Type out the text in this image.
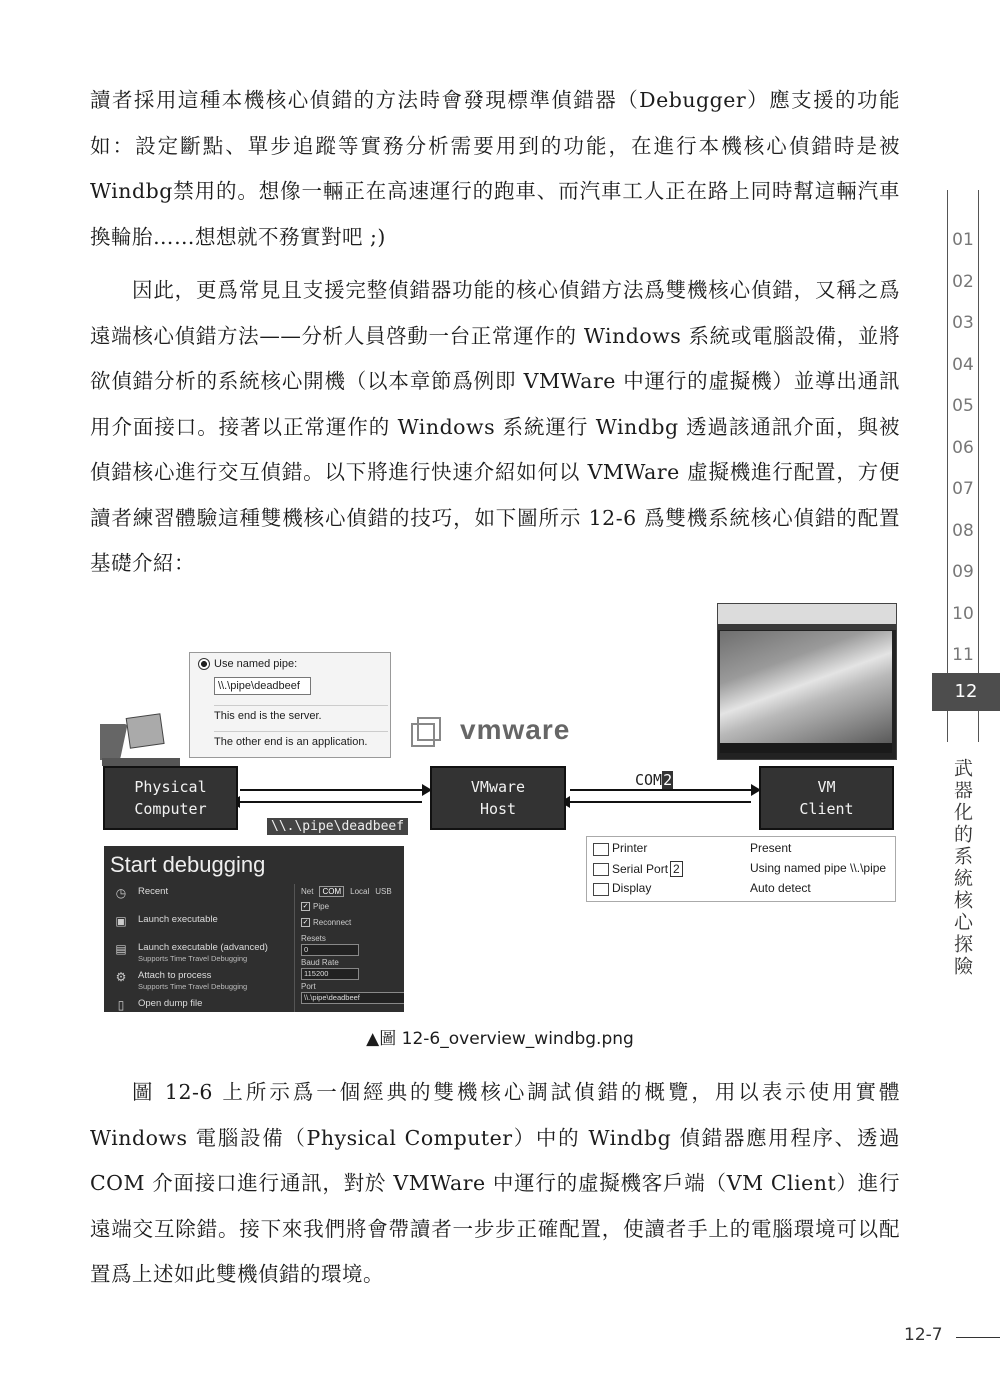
讀者採用這種本機核心偵錯的方法時會發現標準偵錯器（Debugger）應支援的功能如：設定斷點、單步追蹤等實務分析需要用到的功能，在進行本機核心偵錯時是被Windbg禁用的。想像一輛正在高速運行的跑車、而汽車工人正在路上同時幫這輛汽車換輪胎……想想就不務實對吧 ;)

因此，更爲常見且支援完整偵錯器功能的核心偵錯方法爲雙機核心偵錯，又稱之爲遠端核心偵錯方法——分析人員啓動一台正常運作的 Windows 系統或電腦設備，並將欲偵錯分析的系統核心開機（以本章節爲例即 VMWare 中運行的虛擬機）並導出通訊用介面接口。接著以正常運作的 Windows 系統運行 Windbg 透過該通訊介面，與被偵錯核心進行交互偵錯。以下將進行快速介紹如何以 VMWare 虛擬機進行配置，方便讀者練習體驗這種雙機核心偵錯的技巧，如下圖所示 12-6 爲雙機系統核心偵錯的配置基礎介紹：

01
02
03
04
05
06
07
08
09
10
11
12
武器化的系統核心探險
Use named pipe:
\\.\pipe\deadbeef
This end is the server.
The other end is an application.	vmware
Physical
Computer
VMware
Host
VM
Client
\\.\pipe\deadbeef
COM2
Start debugging
◷ Recent
▣ Launch executable
▤ Launch executable (advanced)
Supports Time Travel Debugging
⚙ Attach to process
Supports Time Travel Debugging
▯	Open dump file
Net COM Local USB
✓ Pipe
✓ Reconnect
Resets
0
Baud Rate
115200
Port
\\.\pipe\deadbeef
Printer	Present
Serial Port 2	Using named pipe \\.\pipe
Display	Auto detect
▲圖 12-6_overview_windbg.png

圖 12-6 上所示爲一個經典的雙機核心調試偵錯的概覽，用以表示使用實體 Windows 電腦設備（Physical Computer）中的 Windbg 偵錯器應用程序、透過 COM 介面接口進行通訊，對於 VMWare 中運行的虛擬機客戶端（VM Client）進行遠端交互除錯。接下來我們將會帶讀者一步步正確配置，使讀者手上的電腦環境可以配置爲上述如此雙機偵錯的環境。

12-7
